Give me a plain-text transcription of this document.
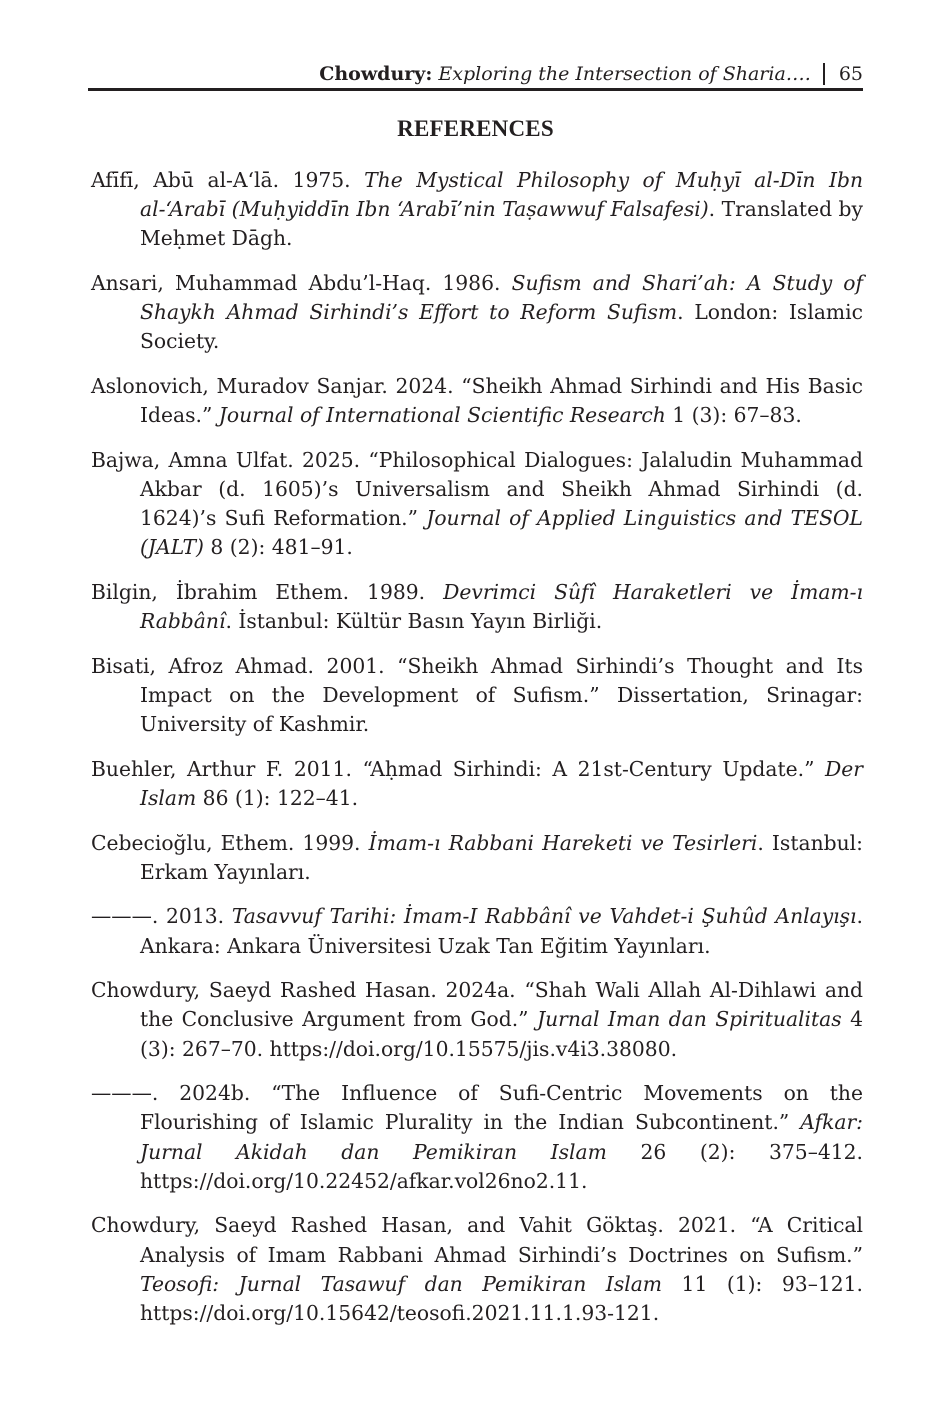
Chowdury:
Exploring the Intersection of Sharia…. 65
REFERENCES

Afīfī, Abū al-A‘lā. 1975. The Mystical Philosophy of Muḥyī al-Dīn Ibn al-‘Arabī (Muḥyiddīn Ibn ‘Arabī’nin Taṣawwuf Falsafesi). Translated by Meḥmet Dāgh.

Ansari, Muhammad Abdu’l-Haq. 1986. Sufism and Shari’ah: A Study of Shaykh Ahmad Sirhindi’s Effort to Reform Sufism. London: Islamic Society.

Aslonovich, Muradov Sanjar. 2024. “Sheikh Ahmad Sirhindi and His Basic Ideas.” Journal of International Scientific Research 1 (3): 67–83.

Bajwa, Amna Ulfat. 2025. “Philosophical Dialogues: Jalaludin Muhammad Akbar (d. 1605)’s Universalism and Sheikh Ahmad Sirhindi (d. 1624)’s Sufi Reformation.” Journal of Applied Linguistics and TESOL (JALT) 8 (2): 481–91.

Bilgin, İbrahim Ethem. 1989. Devrimci Sûfî Haraketleri ve İmam-ı Rabbânî. İstanbul: Kültür Basın Yayın Birliği.

Bisati, Afroz Ahmad. 2001. “Sheikh Ahmad Sirhindi’s Thought and Its Impact on the Development of Sufism.” Dissertation, Srinagar: University of Kashmir.

Buehler, Arthur F. 2011. “Aḥmad Sirhindi: A 21st-Century Update.” Der Islam 86 (1): 122–41.

Cebecioğlu, Ethem. 1999. İmam-ı Rabbani Hareketi ve Tesirleri. Istanbul: Erkam Yayınları.

———. 2013. Tasavvuf Tarihi: İmam-I Rabbânî ve Vahdet-i Şuhûd Anlayışı. Ankara: Ankara Üniversitesi Uzak Tan Eğitim Yayınları.

Chowdury, Saeyd Rashed Hasan. 2024a. “Shah Wali Allah Al-Dihlawi and the Conclusive Argument from God.” Jurnal Iman dan Spiritualitas 4 (3): 267–70. https://doi.org/10.15575/jis.v4i3.38080.

———. 2024b. “The Influence of Sufi-Centric Movements on the Flourishing of Islamic Plurality in the Indian Subcontinent.” Afkar: Jurnal Akidah dan Pemikiran Islam 26 (2): 375–412. https://doi.org/10.22452/afkar.vol26no2.11.

Chowdury, Saeyd Rashed Hasan, and Vahit Göktaş. 2021. “A Critical Analysis of Imam Rabbani Ahmad Sirhindi’s Doctrines on Sufism.” Teosofi: Jurnal Tasawuf dan Pemikiran Islam 11 (1): 93–121. https://doi.org/10.15642/teosofi.2021.11.1.93-121.
